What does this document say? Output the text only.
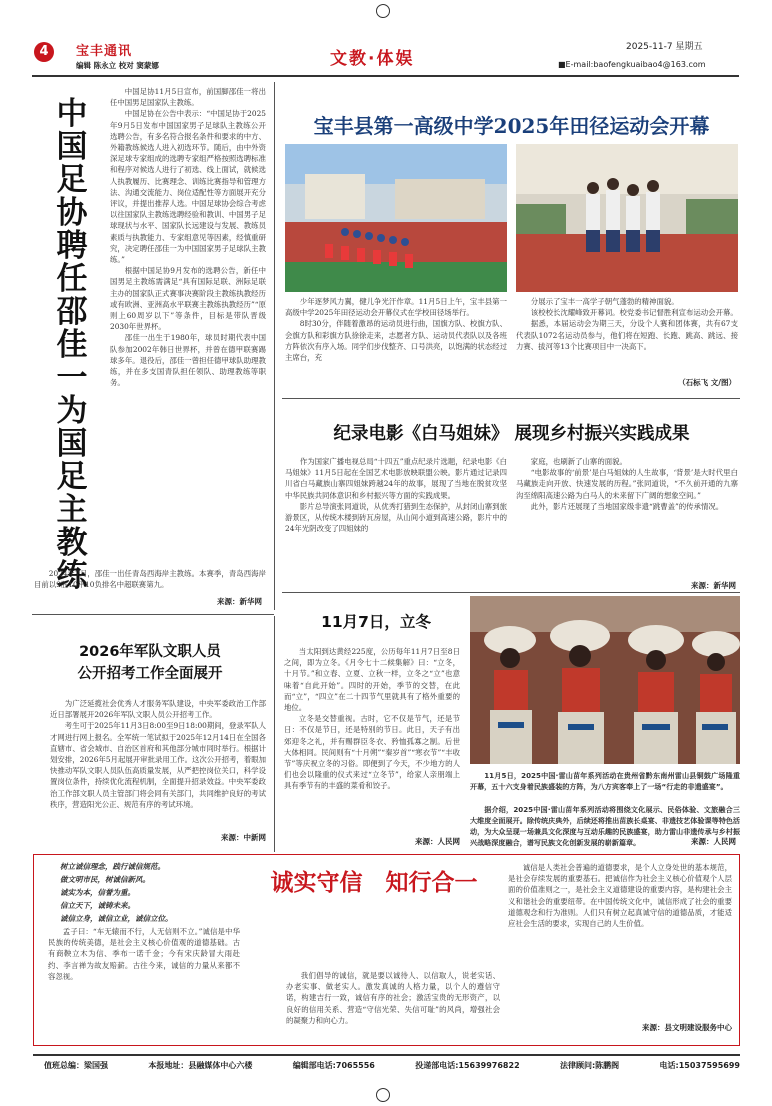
4	宝丰通讯
编辑 陈永立 校对 窦蒙娜	文教·体娱
2025-11-7 星期五
■E-mail:baofengkuaibao4@163.com
中国足协聘任邵佳一为国足主教练

中国足协11月5日宣布，前国脚邵佳一将出任中国男足国家队主教练。

中国足协在公告中表示：“中国足协于2025年9月5日发布中国国家男子足球队主教练公开选聘公告，有多名符合报名条件和要求的中方、外籍教练候选人进入初选环节。随后，由中外资深足球专家组成的选聘专家组严格按照选聘标准和程序对候选人进行了初选、线上面试，就候选人执教履历、比赛理念、训练比赛指导和管理方法、沟通交流能力、岗位适配性等方面展开充分评议，并提出推荐人选。中国足球协会综合考虑以往国家队主教练选聘经验和教训、中国男子足球现状与水平、国家队长远建设与发展、教练员素质与执教能力、专家组意见等因素，经慎重研究，决定聘任邵佳一为中国国家男子足球队主教练。”

根据中国足协9月发布的选聘公告，新任中国男足主教练需满足“具有国际足联、洲际足联主办的国家队正式赛事决赛阶段主教练执教经历或有欧洲、亚洲高水平联赛主教练执教经历”“原则上60周岁以下”等条件，目标是带队晋级2030年世界杯。

邵佳一出生于1980年，球员时期代表中国队参加2002年韩日世界杯，并曾在德甲联赛踢球多年。退役后，邵佳一曾担任德甲球队助理教练，并在多支国青队担任领队、助理教练等职务。

2024年7月，邵佳一出任青岛西海岸主教练。本赛季，青岛西海岸目前以9胜10平10负排名中超联赛第九。

来源：新华网
宝丰县第一高级中学2025年田径运动会开幕

少年逐梦风力翼，健儿争光汗作章。11月5日上午，宝丰县第一高级中学2025年田径运动会开幕仪式在学校田径场举行。

8时30分，伴随着激昂的运动员进行曲，国旗方队、校旗方队、会旗方队和彩旗方队徐徐走来，志愿者方队、运动员代表队以及各班方阵依次有序入场。同学们步伐整齐、口号洪亮，以饱满的状态经过主席台，充

分展示了宝丰一高学子朝气蓬勃的精神面貌。

该校校长沈耀峰致开幕词。校党委书记督胜利宣布运动会开幕。

据悉，本届运动会为期三天，分设个人赛和团体赛，共有67支代表队1072名运动员参与，他们将在短跑、长跑、跳高、跳远、接力赛、拔河等13个比赛项目中一决高下。

（石标飞 文/图）
纪录电影《白马姐妹》 展现乡村振兴实践成果

作为国家广播电视总局“十四五”重点纪录片选题，纪录电影《白马姐妹》11月5日起在全国艺术电影放映联盟公映。影片通过记录四川省白马藏族山寨四姐妹跨越24年的故事，展现了当地在脱贫攻坚中华民族共同体意识和乡村振兴等方面的实践成果。

影片总导演张同道说，从优秀打猎到生态保护，从封闭山寨到旅游景区，从传统木楼到砖瓦房屋，从山间小道到高速公路，影片中的24年光阴改变了四姐妹的

家庭，也刷新了山寨的面貌。

“电影故事的‘前景’是白马姐妹的人生故事，‘背景’是大时代里白马藏族走向开放、快速发展的历程。”张同道说，“不久前开通的九寨沟至绵阳高速公路为白马人的未来留下广阔的想象空间。”

此外，影片还展现了当地国家级非遗“跳曹盖”的传承情况。

来源：新华网
2026年军队文职人员
公开招考工作全面展开

为广泛延揽社会优秀人才服务军队建设，中央军委政治工作部近日部署展开2026年军队文职人员公开招考工作。

考生可于2025年11月3日8:00至9日18:00期间，登录军队人才网进行网上报名。全军统一笔试拟于2025年12月14日在全国各直辖市、省会城市、自治区首府和其他部分城市同时举行。根据计划安排，2026年5月起展开审批录用工作。这次公开招考，着眼加快推动军队文职人员队伍高质量发展，从严把控岗位关口，科学设置岗位条件，持续优化流程机制，全面提升招录效益。中央军委政治工作部文职人员主管部门将会同有关部门，共同维护良好的考试秩序，营造阳光公正、规范有序的考试环境。

来源：中新网
11月7日，立冬

当太阳到达黄经225度，公历每年11月7日至8日之间，即为立冬。《月令七十二候集解》曰：“立冬，十月节。”和立春、立夏、立秋一样，立冬之“立”也意味着“自此开始”。四时的开始，季节的交替，在此而“立”，“四立”在二十四节气里就具有了格外重要的地位。

立冬是交替重视。古时，它不仅是节气，还是节日：不仅是节日，还是特别的节日。此日，天子有出郊迎冬之礼，并有赐群臣冬衣、矜恤孤寡之制。后世大体相同。民间则有“十月朔”“秦岁首”“寒衣节”“丰收节”等庆祝立冬的习俗。即便到了今天，不少地方的人们也会以隆重的仪式来过“立冬节”，给家人亲朋端上具有季节有的丰盛的菜肴和饺子。

来源：人民网
11月5日，2025中国·雷山苗年系列活动在贵州省黔东南州雷山县铜鼓广场隆重开幕，五十六支身着民族盛装的方阵，为八方宾客奉上了一场“行走的非遗盛宴”。
据介绍，2025中国·雷山苗年系列活动将围绕文化展示、民俗体验、文旅融合三大维度全面展开。除传统庆典外，后续还将推出苗族长桌宴、非遗技艺体验课等特色活动，为大众呈现一场兼具文化深度与互动乐趣的民族盛宴，助力雷山非遗传承与乡村振兴战略深度融合，谱写民族文化创新发展的崭新篇章。	来源：人民网
树立诚信理念，践行诚信规范。
做文明市民，树诚信新风。
诚实为本，信誉为重。
信立天下，诚铸未来。
诚信立身，诚信立业，诚信立位。
孟子曰：“车无辕而不行，人无信则不立。”诚信是中华民族的传统美德，是社会主义核心价值观的道德基础。古有商鞅立木为信、季布一诺千金；今有宋庆龄冒大雨赴约、李言禅为故友赔薪。古往今来，诚信的力量从来都不容忽视。
诚实守信　知行合一
我们倡导的诚信，就是要以诚待人、以信取人，说老实话、办老实事、做老实人。激发真诚的人格力量，以个人的遵信守诺，构建吉行一致，诚信有序的社会；激活宝贵的无形资产，以良好的信用关系、营造“守信光荣、失信可耻”的风尚，增强社会的凝聚力和向心力。
诚信是人类社会普遍的道德要求，是个人立身处世的基本规范，是社会存续发展的重要基石。把诚信作为社会主义核心价值观个人层面的价值准则之一，是社会主义道德建设的重要内容，是构建社会主义和谐社会的重要纽带。在中国传统文化中，诚信形成了社会的重要道德观念和行为准则。人们只有树立起真诚守信的道德品质，才能适应社会生活的要求，实现自己的人生价值。
来源：县文明建设服务中心
值班总编：梁国强	本报地址：县融媒体中心六楼	编辑部电话:7065556	投递部电话:15639976822	法律顾问:陈鹏阁	电话:15037595699
